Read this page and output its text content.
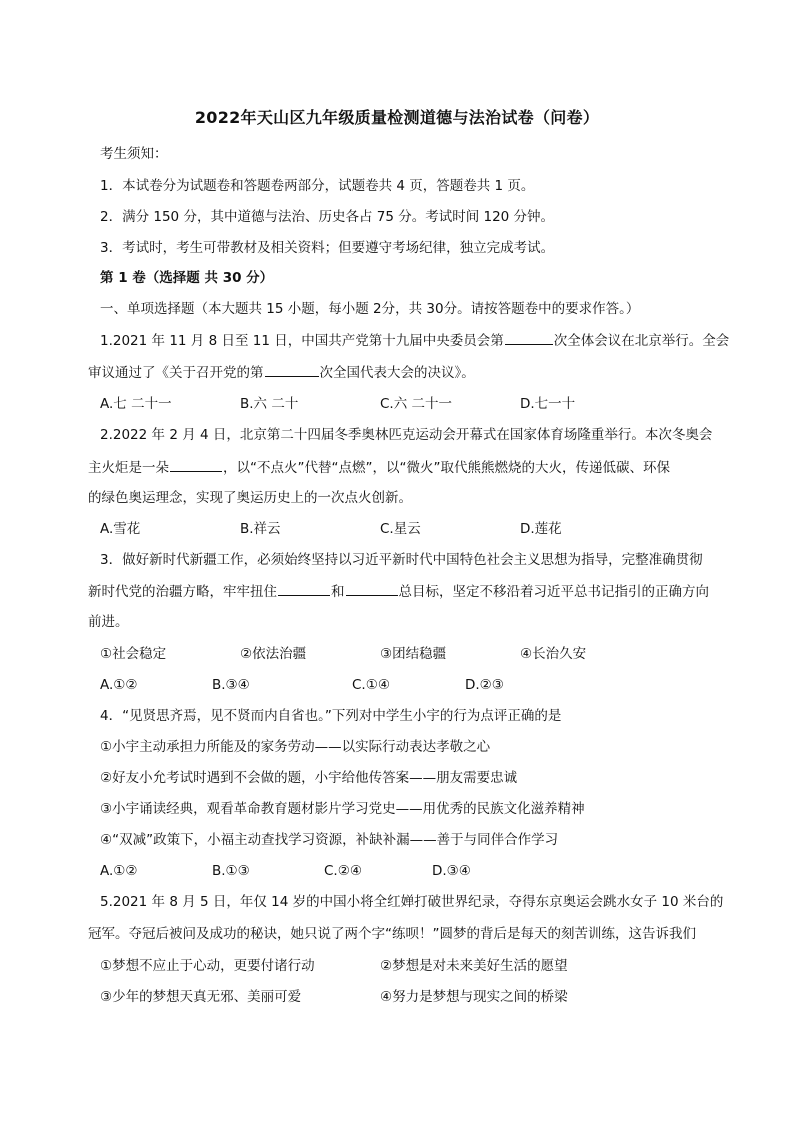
2022年天山区九年级质量检测道德与法治试卷（问卷）
考生须知：
1．本试卷分为试题卷和答题卷两部分，试题卷共 4 页，答题卷共 1 页。
2．满分 150 分，其中道德与法治、历史各占 75 分。考试时间 120 分钟。
3．考试时，考生可带教材及相关资料；但要遵守考场纪律，独立完成考试。
第 1 卷（选择题 共 30 分）
一、单项选择题（本大题共 15 小题，每小题 2分，共 30分。请按答题卷中的要求作答。）
1.2021 年 11 月 8 日至 11 日，中国共产党第十九届中央委员会第	次全体会议在北京举行。全会
审议通过了《关于召开党的第	次全国代表大会的决议》。
A.七 二十一	B.六 二十	C.六 二十一	D.七一十
2.2022 年 2 月 4 日，北京第二十四届冬季奥林匹克运动会开幕式在国家体育场隆重举行。本次冬奥会
主火炬是一朵	，以“不点火”代替“点燃”，以“微火”取代熊熊燃烧的大火，传递低碳、环保
的绿色奥运理念，实现了奥运历史上的一次点火创新。
A.雪花	B.祥云	C.星云	D.莲花
3．做好新时代新疆工作，必须始终坚持以习近平新时代中国特色社会主义思想为指导，完整准确贯彻
新时代党的治疆方略，牢牢扭住	和	总目标，坚定不移沿着习近平总书记指引的正确方向
前进。
①社会稳定	②依法治疆	③团结稳疆	④长治久安
A.①②	B.③④	C.①④	D.②③
4．“见贤思齐焉，见不贤而内自省也。”下列对中学生小宇的行为点评正确的是
①小宇主动承担力所能及的家务劳动——以实际行动表达孝敬之心
②好友小允考试时遇到不会做的题，小宇给他传答案——朋友需要忠诚
③小宇诵读经典，观看革命教育题材影片学习党史——用优秀的民族文化滋养精神
④“双减”政策下，小福主动查找学习资源，补缺补漏——善于与同伴合作学习
A.①②	B.①③	C.②④	D.③④
5.2021 年 8 月 5 日，年仅 14 岁的中国小将全红婵打破世界纪录，夺得东京奥运会跳水女子 10 米台的
冠军。夺冠后被问及成功的秘诀，她只说了两个字“练呗！”圆梦的背后是每天的刻苦训练，这告诉我们
①梦想不应止于心动，更要付诸行动	②梦想是对未来美好生活的愿望
③少年的梦想天真无邪、美丽可爱	④努力是梦想与现实之间的桥梁
